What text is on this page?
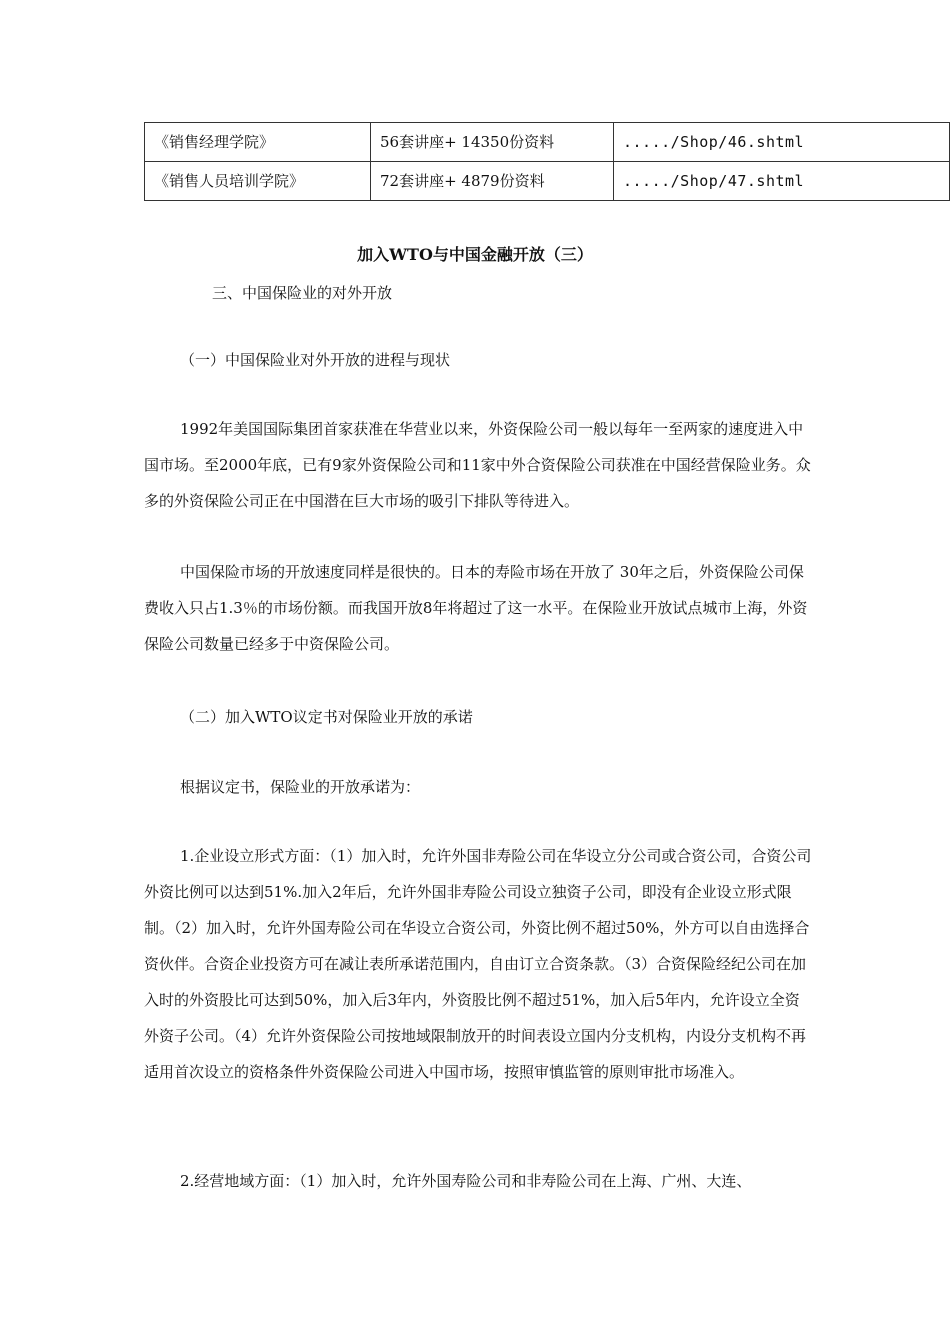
《销售经理学院》	56套讲座+ 14350份资料	...../Shop/46.shtml
《销售人员培训学院》	72套讲座+ 4879份资料	...../Shop/47.shtml
加入WTO与中国金融开放（三）
三、中国保险业的对外开放
（一）中国保险业对外开放的进程与现状

1992年美国国际集团首家获准在华营业以来，外资保险公司一般以每年一至两家的速度进入中国市场。至2000年底，已有9家外资保险公司和11家中外合资保险公司获准在中国经营保险业务。众多的外资保险公司正在中国潜在巨大市场的吸引下排队等待进入。

中国保险市场的开放速度同样是很快的。日本的寿险市场在开放了 30年之后，外资保险公司保费收入只占1.3％的市场份额。而我国开放8年将超过了这一水平。在保险业开放试点城市上海，外资保险公司数量已经多于中资保险公司。

（二）加入WTO议定书对保险业开放的承诺
根据议定书，保险业的开放承诺为：

1.企业设立形式方面：（1）加入时，允许外国非寿险公司在华设立分公司或合资公司，合资公司外资比例可以达到51%.加入2年后，允许外国非寿险公司设立独资子公司，即没有企业设立形式限制。（2）加入时，允许外国寿险公司在华设立合资公司，外资比例不超过50%，外方可以自由选择合资伙伴。合资企业投资方可在减让表所承诺范围内，自由订立合资条款。（3）合资保险经纪公司在加入时的外资股比可达到50%，加入后3年内，外资股比例不超过51%，加入后5年内，允许设立全资外资子公司。（4）允许外资保险公司按地域限制放开的时间表设立国内分支机构，内设分支机构不再适用首次设立的资格条件外资保险公司进入中国市场，按照审慎监管的原则审批市场准入。

2.经营地域方面：（1）加入时，允许外国寿险公司和非寿险公司在上海、广州、大连、
